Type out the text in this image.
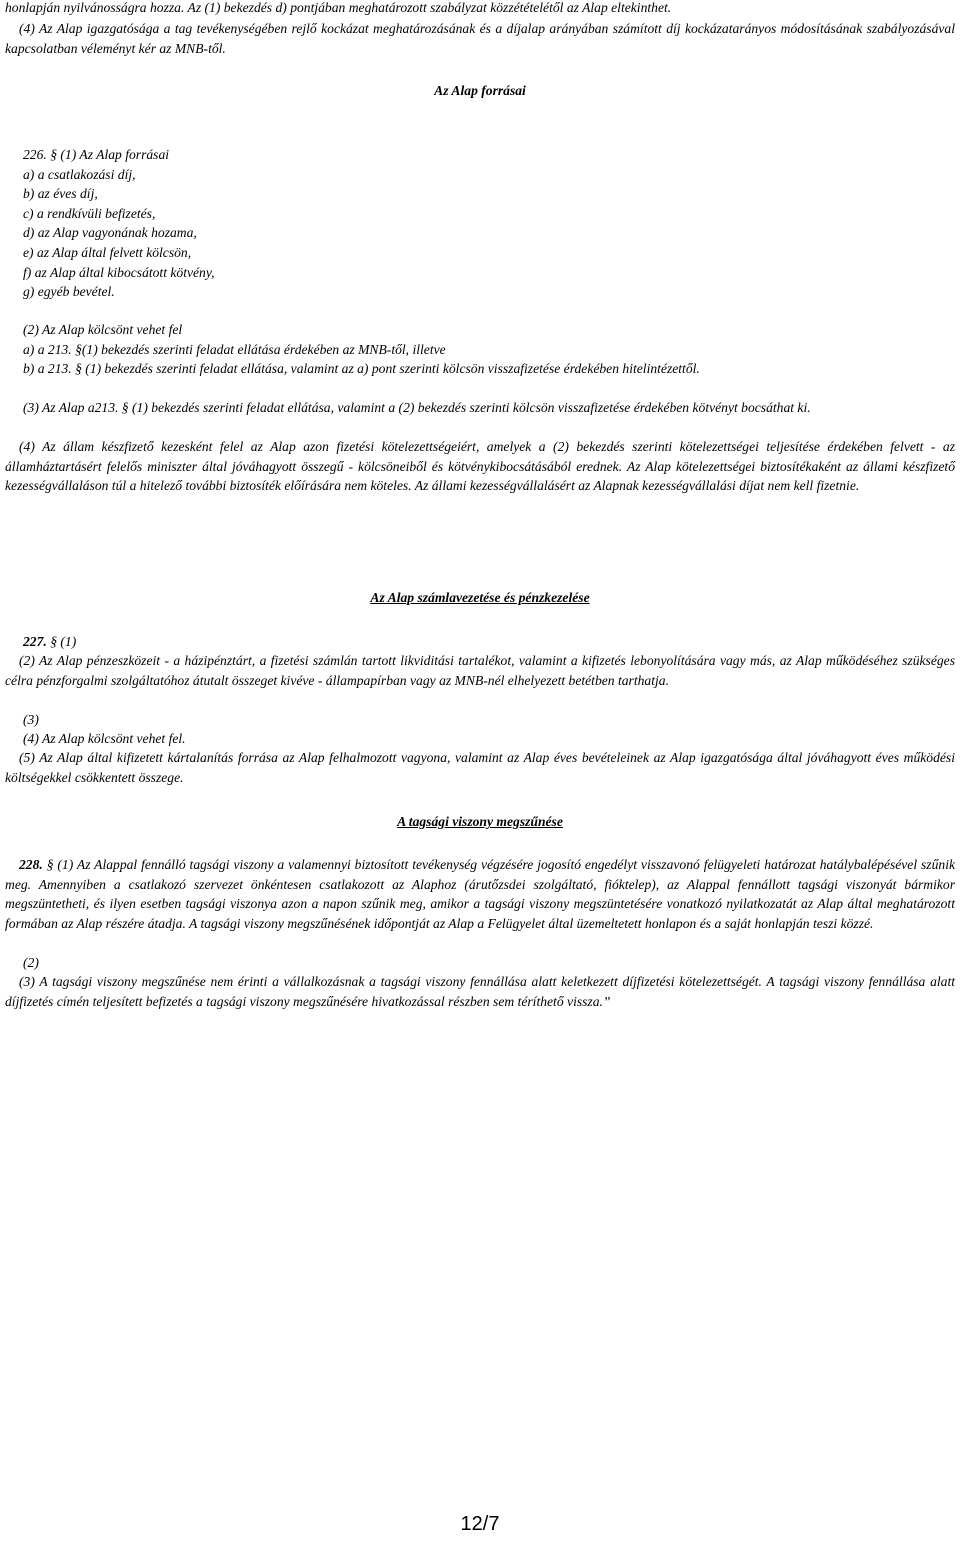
honlapján nyilvánosságra hozza. Az (1) bekezdés d) pontjában meghatározott szabályzat közzétételétől az Alap eltekinthet.

(4) Az Alap igazgatósága a tag tevékenységében rejlő kockázat meghatározásának és a díjalap arányában számított díj kockázatarányos módosításának szabályozásával kapcsolatban véleményt kér az MNB-től.

Az Alap forrásai

226. § (1) Az Alap forrásai

a) a csatlakozási díj,

b) az éves díj,

c) a rendkívüli befizetés,

d) az Alap vagyonának hozama,

e) az Alap által felvett kölcsön,

f) az Alap által kibocsátott kötvény,

g) egyéb bevétel.

(2) Az Alap kölcsönt vehet fel

a) a 213. §(1) bekezdés szerinti feladat ellátása érdekében az MNB-től, illetve

b) a 213. § (1) bekezdés szerinti feladat ellátása, valamint az a) pont szerinti kölcsön visszafizetése érdekében hitelintézettől.

(3) Az Alap a213. § (1) bekezdés szerinti feladat ellátása, valamint a (2) bekezdés szerinti kölcsön visszafizetése érdekében kötvényt bocsáthat ki.

(4) Az állam készfizető kezesként felel az Alap azon fizetési kötelezettségeiért, amelyek a (2) bekezdés szerinti kötelezettségei teljesítése érdekében felvett - az államháztartásért felelős miniszter által jóváhagyott összegű - kölcsöneiből és kötvénykibocsátásából erednek. Az Alap kötelezettségei biztosítékaként az állami készfizető kezességvállaláson túl a hitelező további biztosíték előírására nem köteles. Az állami kezességvállalásért az Alapnak kezességvállalási díjat nem kell fizetnie.

Az Alap számlavezetése és pénzkezelése

227. § (1)

(2) Az Alap pénzeszközeit - a házipénztárt, a fizetési számlán tartott likviditási tartalékot, valamint a kifizetés lebonyolítására vagy más, az Alap működéséhez szükséges célra pénzforgalmi szolgáltatóhoz átutalt összeget kivéve - állampapírban vagy az MNB-nél elhelyezett betétben tarthatja.

(3)

(4) Az Alap kölcsönt vehet fel.

(5) Az Alap által kifizetett kártalanítás forrása az Alap felhalmozott vagyona, valamint az Alap éves bevételeinek az Alap igazgatósága által jóváhagyott éves működési költségekkel csökkentett összege.

A tagsági viszony megszűnése

228. § (1) Az Alappal fennálló tagsági viszony a valamennyi biztosított tevékenység végzésére jogosító engedélyt visszavonó felügyeleti határozat hatálybalépésével szűnik meg. Amennyiben a csatlakozó szervezet önkéntesen csatlakozott az Alaphoz (árutőzsdei szolgáltató, fióktelep), az Alappal fennállott tagsági viszonyát bármikor megszüntetheti, és ilyen esetben tagsági viszonya azon a napon szűnik meg, amikor a tagsági viszony megszüntetésére vonatkozó nyilatkozatát az Alap által meghatározott formában az Alap részére átadja. A tagsági viszony megszűnésének időpontját az Alap a Felügyelet által üzemeltetett honlapon és a saját honlapján teszi közzé.

(2)

(3) A tagsági viszony megszűnése nem érinti a vállalkozásnak a tagsági viszony fennállása alatt keletkezett díjfizetési kötelezettségét. A tagsági viszony fennállása alatt díjfizetés címén teljesített befizetés a tagsági viszony megszűnésére hivatkozással részben sem téríthető vissza.”

12/7
